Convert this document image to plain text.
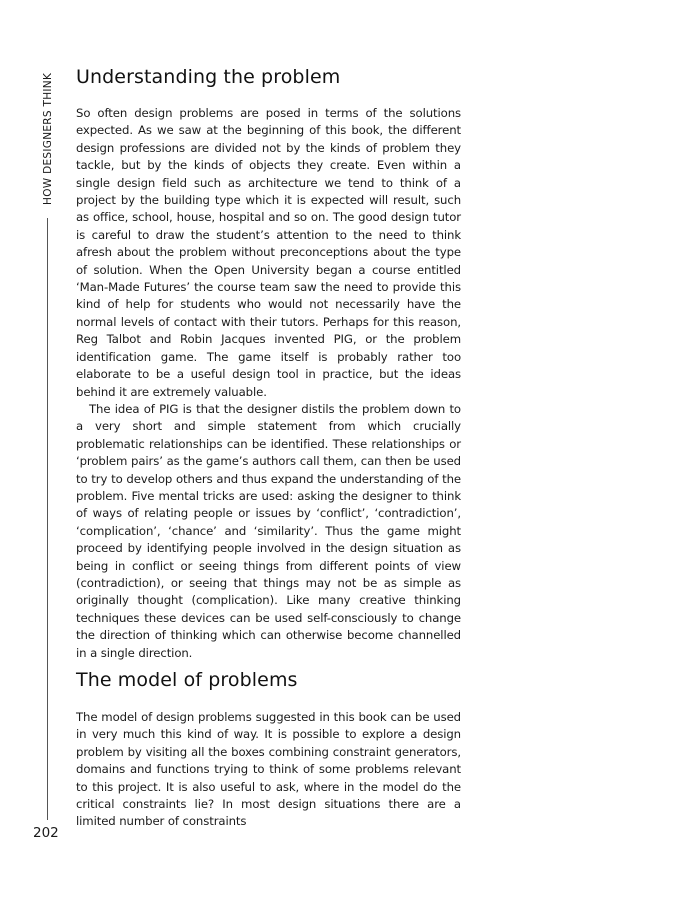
HOW DESIGNERS THINK
202
Understanding the problem

So often design problems are posed in terms of the solutions expected. As we saw at the beginning of this book, the different design professions are divided not by the kinds of problem they tackle, but by the kinds of objects they create. Even within a single design field such as architecture we tend to think of a project by the building type which it is expected will result, such as office, school, house, hospital and so on. The good design tutor is careful to draw the student’s attention to the need to think afresh about the problem without preconceptions about the type of solution. When the Open University began a course entitled ‘Man-Made Futures’ the course team saw the need to provide this kind of help for students who would not necessarily have the normal levels of contact with their tutors. Perhaps for this reason, Reg Talbot and Robin Jacques invented PIG, or the problem identification game. The game itself is probably rather too elaborate to be a useful design tool in practice, but the ideas behind it are extremely valuable.

The idea of PIG is that the designer distils the problem down to a very short and simple statement from which crucially problematic relationships can be identified. These relationships or ‘problem pairs’ as the game’s authors call them, can then be used to try to develop others and thus expand the understanding of the problem. Five mental tricks are used: asking the designer to think of ways of relating people or issues by ‘conflict’, ‘contradiction’, ‘complication’, ‘chance’ and ‘similarity’. Thus the game might proceed by identifying people involved in the design situation as being in conflict or seeing things from different points of view (contradiction), or seeing that things may not be as simple as originally thought (complication). Like many creative thinking techniques these devices can be used self-consciously to change the direction of thinking which can otherwise become channelled in a single direction.

The model of problems

The model of design problems suggested in this book can be used in very much this kind of way. It is possible to explore a design problem by visiting all the boxes combining constraint generators, domains and functions trying to think of some problems relevant to this project. It is also useful to ask, where in the model do the critical constraints lie? In most design situations there are a limited number of constraints
